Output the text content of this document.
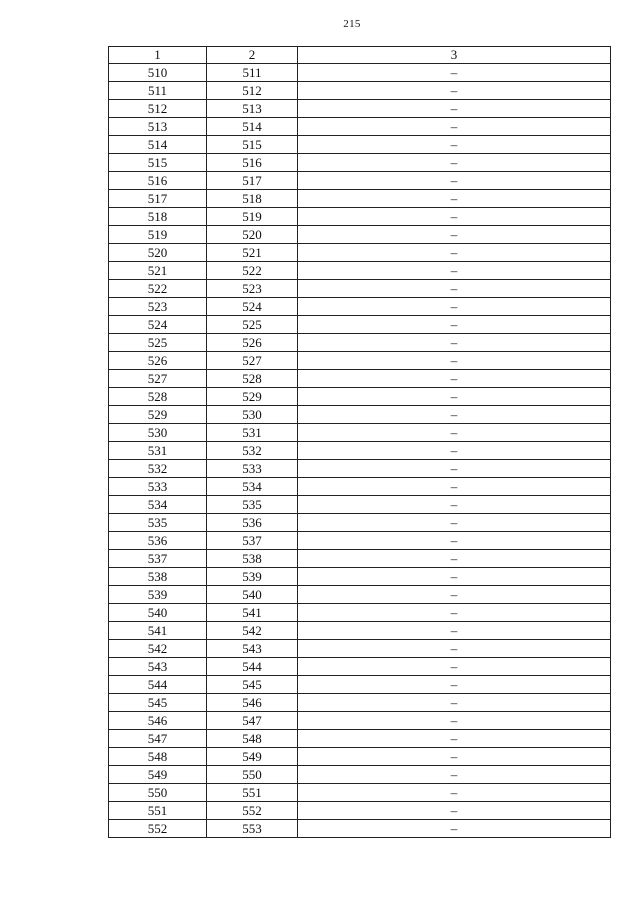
215
1	2	3
510	511	–
511	512	–
512	513	–
513	514	–
514	515	–
515	516	–
516	517	–
517	518	–
518	519	–
519	520	–
520	521	–
521	522	–
522	523	–
523	524	–
524	525	–
525	526	–
526	527	–
527	528	–
528	529	–
529	530	–
530	531	–
531	532	–
532	533	–
533	534	–
534	535	–
535	536	–
536	537	–
537	538	–
538	539	–
539	540	–
540	541	–
541	542	–
542	543	–
543	544	–
544	545	–
545	546	–
546	547	–
547	548	–
548	549	–
549	550	–
550	551	–
551	552	–
552	553	–
